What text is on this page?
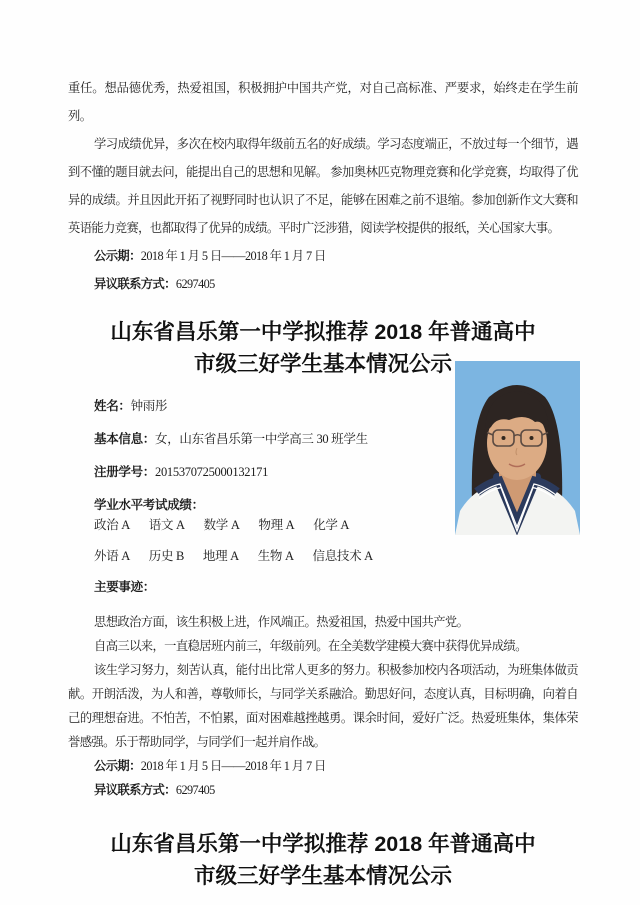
重任。想品德优秀，热爱祖国，积极拥护中国共产党，对自己高标准、严要求，始终走在学生前列。

学习成绩优异，多次在校内取得年级前五名的好成绩。学习态度端正，不放过每一个细节，遇到不懂的题目就去问，能提出自己的思想和见解。 参加奥林匹克物理竞赛和化学竞赛，均取得了优异的成绩。并且因此开拓了视野同时也认识了不足，能够在困难之前不退缩。参加创新作文大赛和英语能力竞赛，也都取得了优异的成绩。平时广泛涉猎，阅读学校提供的报纸，关心国家大事。

公示期：2018 年 1 月 5 日——2018 年 1 月 7 日

异议联系方式：6297405

山东省昌乐第一中学拟推荐 2018 年普通高中
市级三好学生基本情况公示

姓名：钟雨彤

基本信息：女，山东省昌乐第一中学高三 30 班学生

注册学号：2015370725000132171

学业水平考试成绩：

政治 A 语文 A 数学 A 物理 A 化学 A

外语 A 历史 B 地理 A 生物 A 信息技术 A

主要事迹：

思想政治方面，该生积极上进，作风端正。热爱祖国，热爱中国共产党。

自高三以来，一直稳居班内前三，年级前列。在全美数学建模大赛中获得优异成绩。

该生学习努力，刻苦认真，能付出比常人更多的努力。积极参加校内各项活动，为班集体做贡献。开朗活泼，为人和善，尊敬师长，与同学关系融洽。勤思好问，态度认真，目标明确，向着自己的理想奋进。不怕苦，不怕累，面对困难越挫越勇。课余时间，爱好广泛。热爱班集体，集体荣誉感强。乐于帮助同学，与同学们一起并肩作战。

公示期：2018 年 1 月 5 日——2018 年 1 月 7 日

异议联系方式：6297405

山东省昌乐第一中学拟推荐 2018 年普通高中
市级三好学生基本情况公示
